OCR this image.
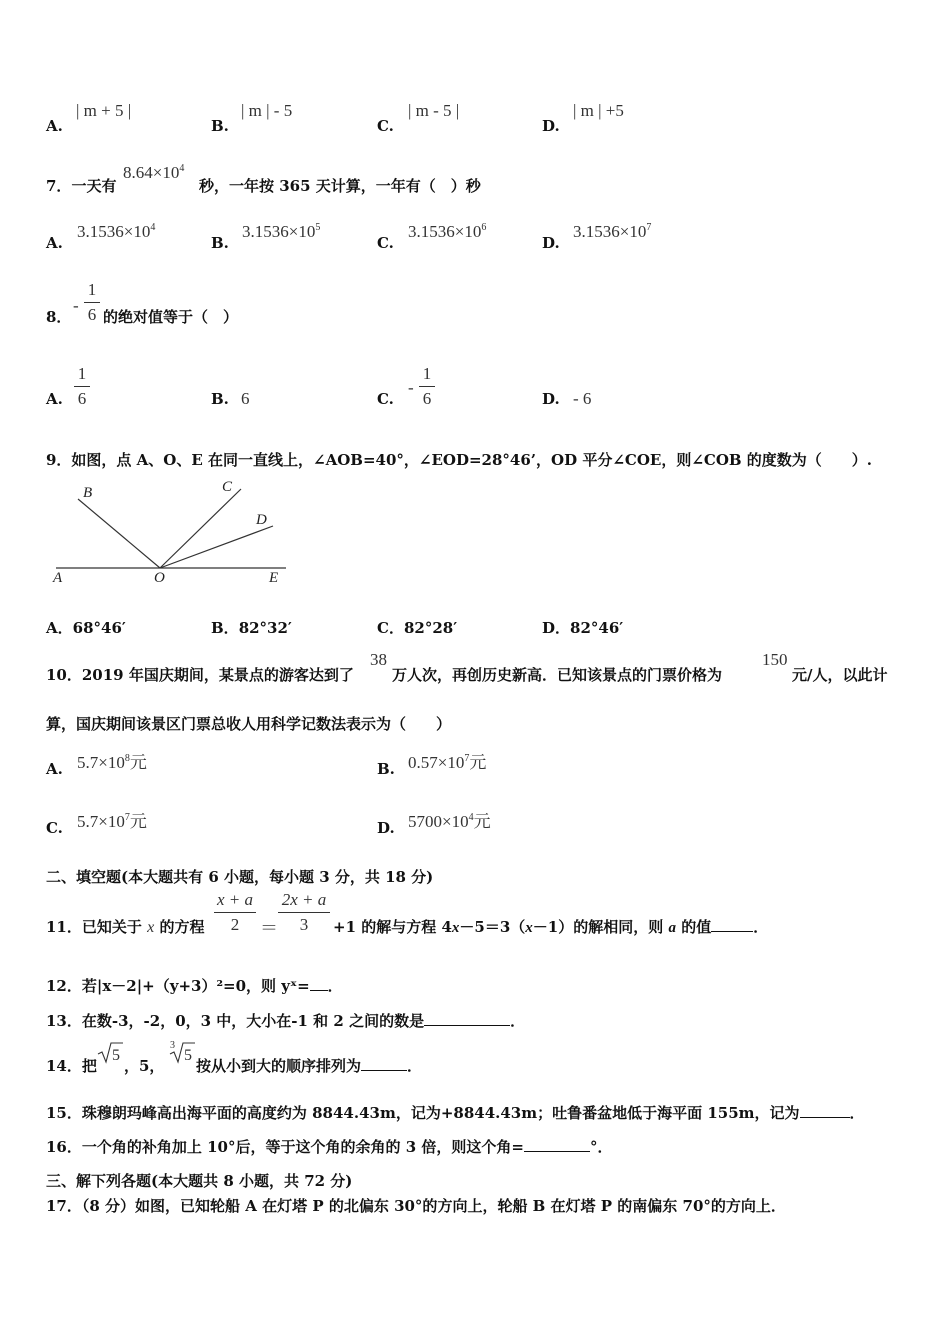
A.
| m + 5 |
B.
| m | - 5
C.
| m - 5 |
D.
| m | +5
7．一天有
$8.64\times 10^4$
秒，一年按 365 天计算，一年有（　）秒
A.
$3.1536\times 10^4$
B.
$3.1536\times 10^5$
C.
$3.1536\times 10^6$
D.
$3.1536\times 10^7$
8．
-
1
6 的绝对值等于（　）
A.
1
6	B. 6	C.
-
1
6	D. - 6
9．如图，点 A、O、E 在同一直线上，∠AOB=40°，∠EOD=28°46’，OD 平分∠COE，则∠COB 的度数为（　　）.
A	O	E
B	C
D
A．68°46′	B．82°32′	C．82°28′	D．82°46′
10．2019 年国庆期间，某景点的游客达到了
38
万人次，再创历史新高．已知该景点的门票价格为
150
元/人，以此计
算，国庆期间该景区门票总收人用科学记数法表示为（　　）
A. $5.7\times 10^8$元	B. $0.57\times 10^7$元
C. $5.7\times 10^7$元	D. $5700\times 10^4$元
二、填空题(本大题共有 6 小题，每小题 3 分，共 18 分)
11．已知关于 x 的方程
x + a
2	＝
2x + a
3	+1 的解与方程 4x－5＝3（x－1）的解相同，则 a 的值	．
12．若|x－2|+（y+3）²=0，则 yˣ= ．
13．在数-3，-2，0，3 中，大小在-1 和 2 之间的数是	．
14．把
5
，5，
3
5
按从小到大的顺序排列为	．
15．珠穆朗玛峰高出海平面的高度约为 8844.43m，记为+8844.43m；吐鲁番盆地低于海平面 155m，记为	．
16．一个角的补角加上 10°后，等于这个角的余角的 3 倍，则这个角=	°．
三、解下列各题(本大题共 8 小题，共 72 分)
17．（8 分）如图，已知轮船 A 在灯塔 P 的北偏东 30°的方向上，轮船 B 在灯塔 P 的南偏东 70°的方向上．
